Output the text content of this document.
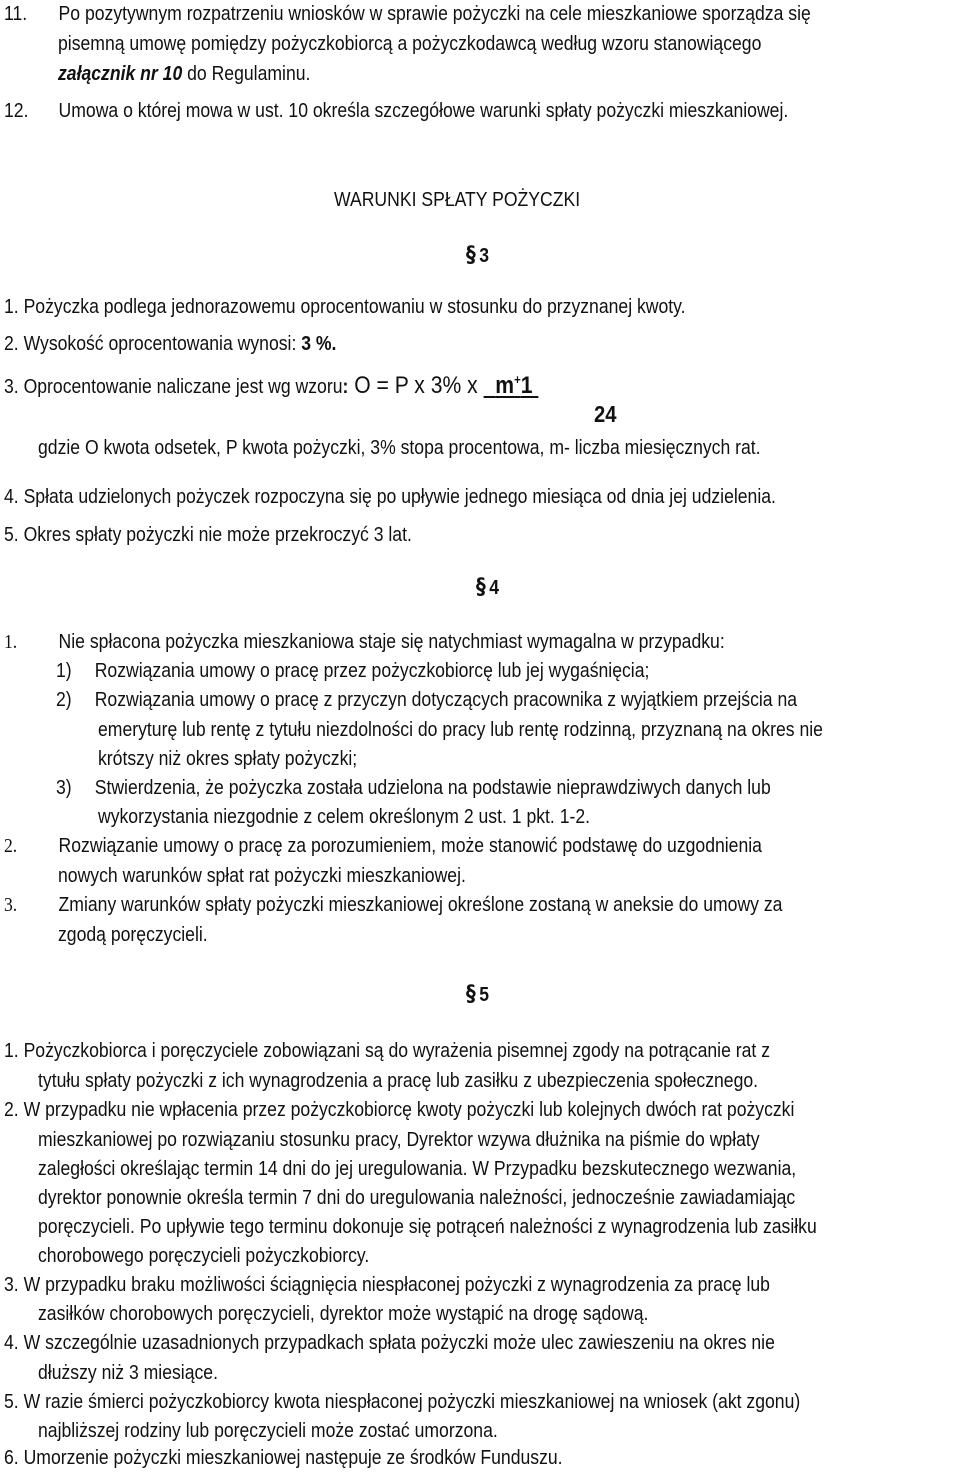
11. Po pozytywnym rozpatrzeniu wniosków w sprawie pożyczki na cele mieszkaniowe sporządza się
pisemną umowę pomiędzy pożyczkobiorcą a pożyczkodawcą według wzoru stanowiącego
załącznik nr 10 do Regulaminu.
12. Umowa o której mowa w ust. 10 określa szczegółowe warunki spłaty pożyczki mieszkaniowej.
WARUNKI SPŁATY POŻYCZKI
§ 3
1. Pożyczka podlega jednorazowemu oprocentowaniu w stosunku do przyznanej kwoty.
2. Wysokość oprocentowania wynosi: 3 %.
3. Oprocentowanie naliczane jest wg wzoru: O = P x 3% x   m+1
24
gdzie O kwota odsetek, P kwota pożyczki, 3% stopa procentowa, m- liczba miesięcznych rat.
4. Spłata udzielonych pożyczek rozpoczyna się po upływie jednego miesiąca od dnia jej udzielenia.
5. Okres spłaty pożyczki nie może przekroczyć 3 lat.
§ 4
1. Nie spłacona pożyczka mieszkaniowa staje się natychmiast wymagalna w przypadku:
1) Rozwiązania umowy o pracę przez pożyczkobiorcę lub jej wygaśnięcia;
2) Rozwiązania umowy o pracę z przyczyn dotyczących pracownika z wyjątkiem przejścia na
emeryturę lub rentę z tytułu niezdolności do pracy lub rentę rodzinną, przyznaną na okres nie
krótszy niż okres spłaty pożyczki;
3) Stwierdzenia, że pożyczka została udzielona na podstawie nieprawdziwych danych lub
wykorzystania niezgodnie z celem określonym 2 ust. 1 pkt. 1-2.
2. Rozwiązanie umowy o pracę za porozumieniem, może stanowić podstawę do uzgodnienia
nowych warunków spłat rat pożyczki mieszkaniowej.
3. Zmiany warunków spłaty pożyczki mieszkaniowej określone zostaną w aneksie do umowy za
zgodą poręczycieli.
§ 5
1. Pożyczkobiorca i poręczyciele zobowiązani są do wyrażenia pisemnej zgody na potrącanie rat z
tytułu spłaty pożyczki z ich wynagrodzenia a pracę lub zasiłku z ubezpieczenia społecznego.
2. W przypadku nie wpłacenia przez pożyczkobiorcę kwoty pożyczki lub kolejnych dwóch rat pożyczki
mieszkaniowej po rozwiązaniu stosunku pracy, Dyrektor wzywa dłużnika na piśmie do wpłaty
zaległości określając termin 14 dni do jej uregulowania. W Przypadku bezskutecznego wezwania,
dyrektor ponownie określa termin 7 dni do uregulowania należności, jednocześnie zawiadamiając
poręczycieli. Po upływie tego terminu dokonuje się potrąceń należności z wynagrodzenia lub zasiłku
chorobowego poręczycieli pożyczkobiorcy.
3. W przypadku braku możliwości ściągnięcia niespłaconej pożyczki z wynagrodzenia za pracę lub
zasiłków chorobowych poręczycieli, dyrektor może wystąpić na drogę sądową.
4. W szczególnie uzasadnionych przypadkach spłata pożyczki może ulec zawieszeniu na okres nie
dłuższy niż 3 miesiące.
5. W razie śmierci pożyczkobiorcy kwota niespłaconej pożyczki mieszkaniowej na wniosek (akt zgonu)
najbliższej rodziny lub poręczycieli może zostać umorzona.
6. Umorzenie pożyczki mieszkaniowej następuje ze środków Funduszu.
